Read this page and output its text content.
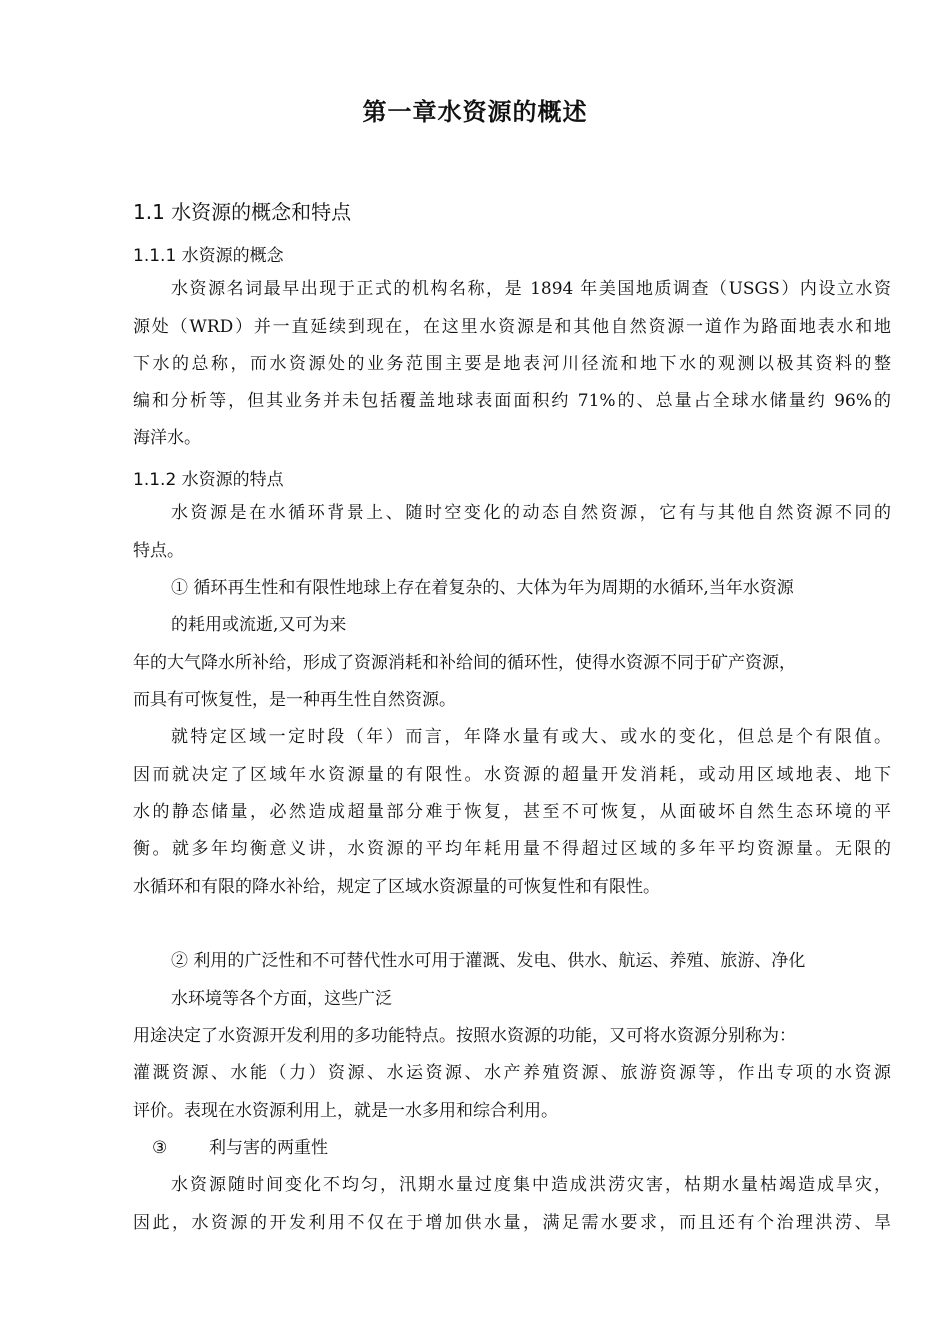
第一章水资源的概述
1.1 水资源的概念和特点
1.1.1 水资源的概念
水资源名词最早出现于正式的机构名称，是 1894 年美国地质调查（USGS）内设立水资
源处（WRD）并一直延续到现在，在这里水资源是和其他自然资源一道作为路面地表水和地
下水的总称，而水资源处的业务范围主要是地表河川径流和地下水的观测以极其资料的整
编和分析等，但其业务并未包括覆盖地球表面面积约 71%的、总量占全球水储量约 96%的
海洋水。
1.1.2 水资源的特点
水资源是在水循环背景上、随时空变化的动态自然资源，它有与其他自然资源不同的
特点。
① 循环再生性和有限性地球上存在着复杂的、大体为年为周期的水循环,当年水资源
的耗用或流逝,又可为来
年的大气降水所补给，形成了资源消耗和补给间的循环性，使得水资源不同于矿产资源，
而具有可恢复性，是一种再生性自然资源。
就特定区域一定时段（年）而言，年降水量有或大、或水的变化，但总是个有限值。
因而就决定了区域年水资源量的有限性。水资源的超量开发消耗，或动用区域地表、地下
水的静态储量，必然造成超量部分难于恢复，甚至不可恢复，从面破坏自然生态环境的平
衡。就多年均衡意义讲，水资源的平均年耗用量不得超过区域的多年平均资源量。无限的
水循环和有限的降水补给，规定了区域水资源量的可恢复性和有限性。
② 利用的广泛性和不可替代性水可用于灌溉、发电、供水、航运、养殖、旅游、净化
水环境等各个方面，这些广泛
用途决定了水资源开发利用的多功能特点。按照水资源的功能，又可将水资源分别称为：
灌溉资源、水能（力）资源、水运资源、水产养殖资源、旅游资源等，作出专项的水资源
评价。表现在水资源利用上，就是一水多用和综合利用。
③	利与害的两重性
水资源随时间变化不均匀，汛期水量过度集中造成洪涝灾害，枯期水量枯竭造成旱灾，
因此，水资源的开发利用不仅在于增加供水量，满足需水要求，而且还有个治理洪涝、旱
